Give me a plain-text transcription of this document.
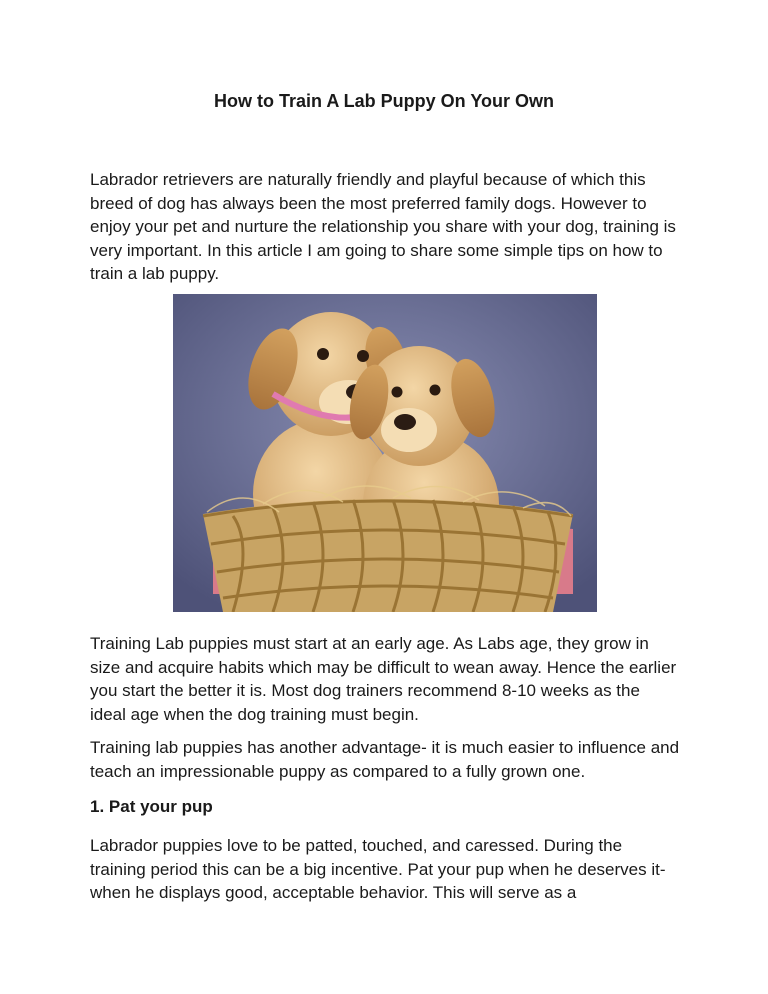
How to Train A Lab Puppy On Your Own

Labrador retrievers are naturally friendly and playful because of which this breed of dog has always been the most preferred family dogs. However to enjoy your pet and nurture the relationship you share with your dog, training is very important. In this article I am going to share some simple tips on how to train a lab puppy.

Training Lab puppies must start at an early age. As Labs age, they grow in size and acquire habits which may be difficult to wean away. Hence the earlier you start the better it is. Most dog trainers recommend 8-10 weeks as the ideal age when the dog training must begin.

Training lab puppies has another advantage- it is much easier to influence and teach an impressionable puppy as compared to a fully grown one.

1. Pat your pup

Labrador puppies love to be patted, touched, and caressed. During the training period this can be a big incentive. Pat your pup when he deserves it- when he displays good, acceptable behavior. This will serve as a
